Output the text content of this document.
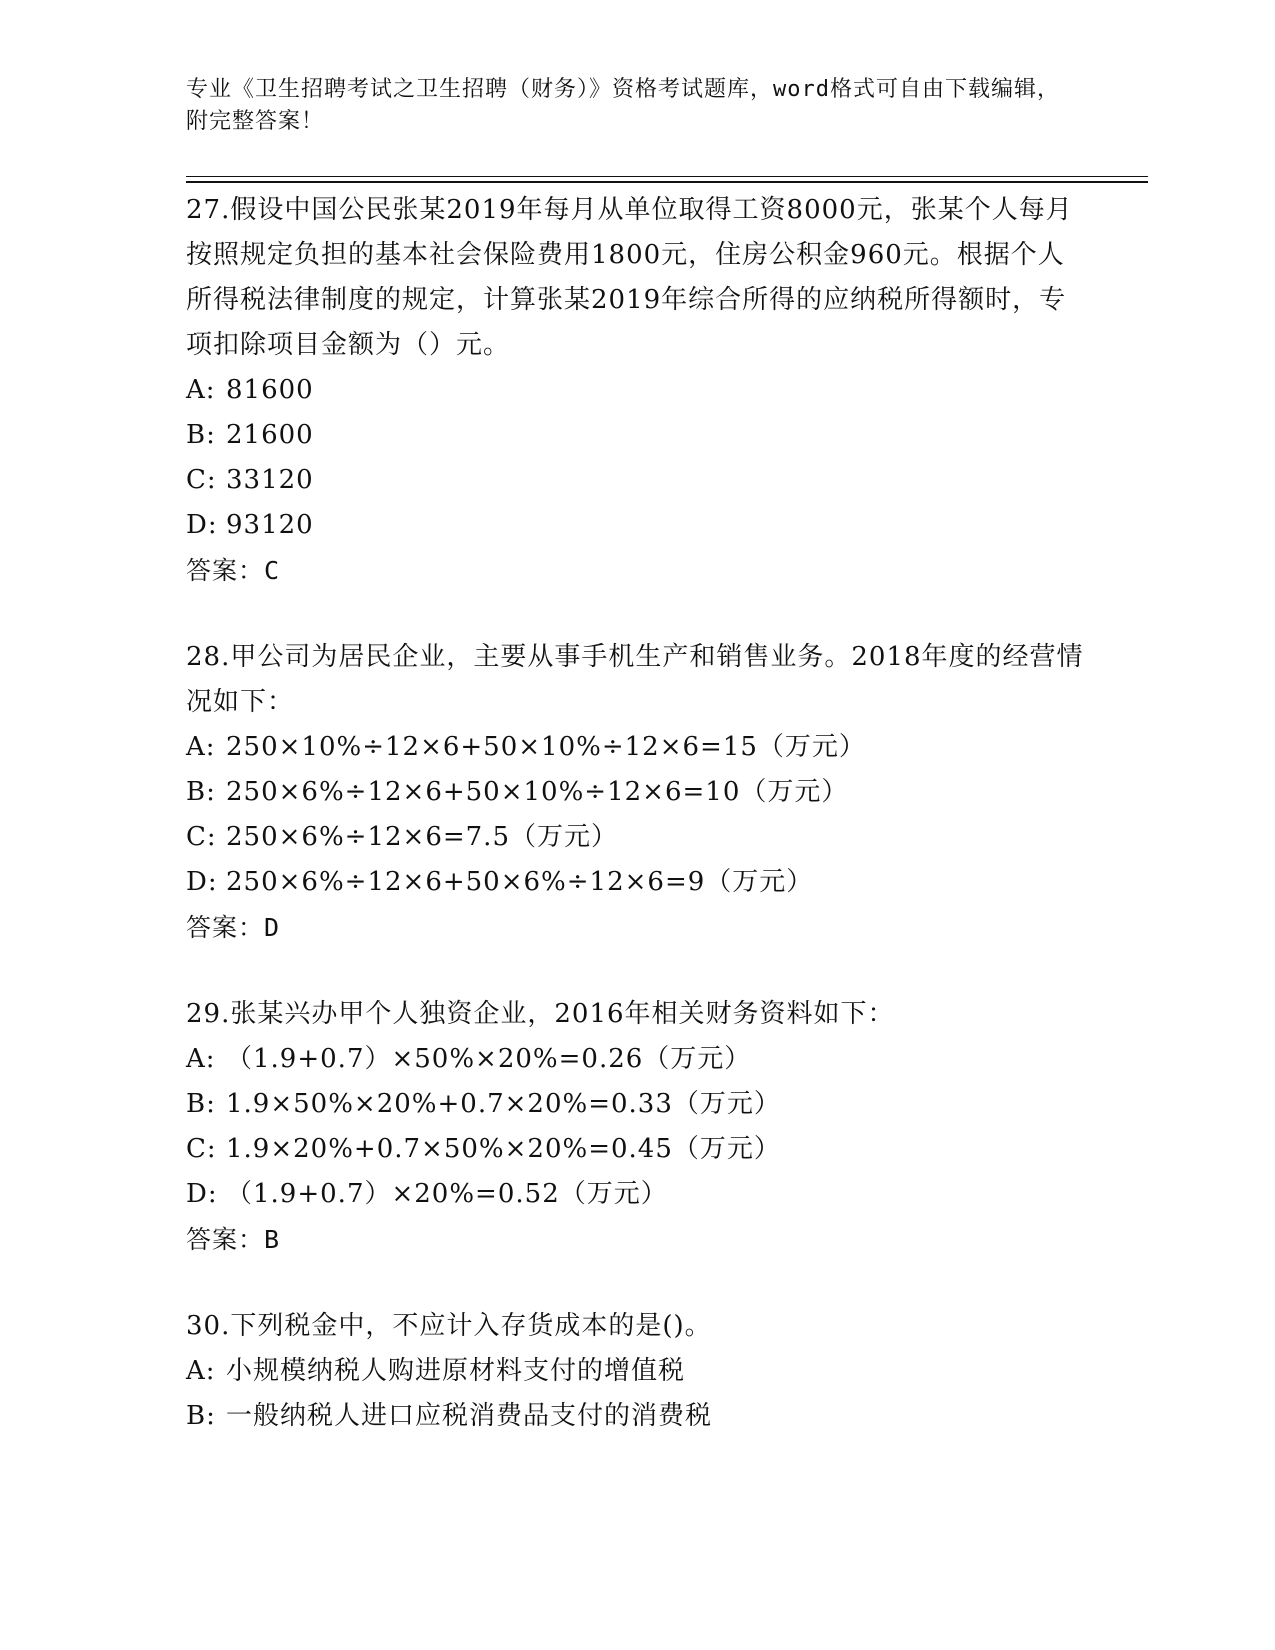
专业《卫生招聘考试之卫生招聘（财务）》资格考试题库，word格式可自由下载编辑，附完整答案！

27.假设中国公民张某2019年每月从单位取得工资8000元，张某个人每月按照规定负担的基本社会保险费用1800元，住房公积金960元。根据个人所得税法律制度的规定，计算张某2019年综合所得的应纳税所得额时，专项扣除项目金额为（）元。

A: 81600

B: 21600

C: 33120

D: 93120

答案：C

28.甲公司为居民企业，主要从事手机生产和销售业务。2018年度的经营情况如下：

A: 250×10%÷12×6+50×10%÷12×6=15（万元）

B: 250×6%÷12×6+50×10%÷12×6=10（万元）

C: 250×6%÷12×6=7.5（万元）

D: 250×6%÷12×6+50×6%÷12×6=9（万元）

答案：D

29.张某兴办甲个人独资企业，2016年相关财务资料如下：

A: （1.9+0.7）×50%×20%=0.26（万元）

B: 1.9×50%×20%+0.7×20%=0.33（万元）

C: 1.9×20%+0.7×50%×20%=0.45（万元）

D: （1.9+0.7）×20%=0.52（万元）

答案：B

30.下列税金中，不应计入存货成本的是()。

A: 小规模纳税人购进原材料支付的增值税

B: 一般纳税人进口应税消费品支付的消费税
